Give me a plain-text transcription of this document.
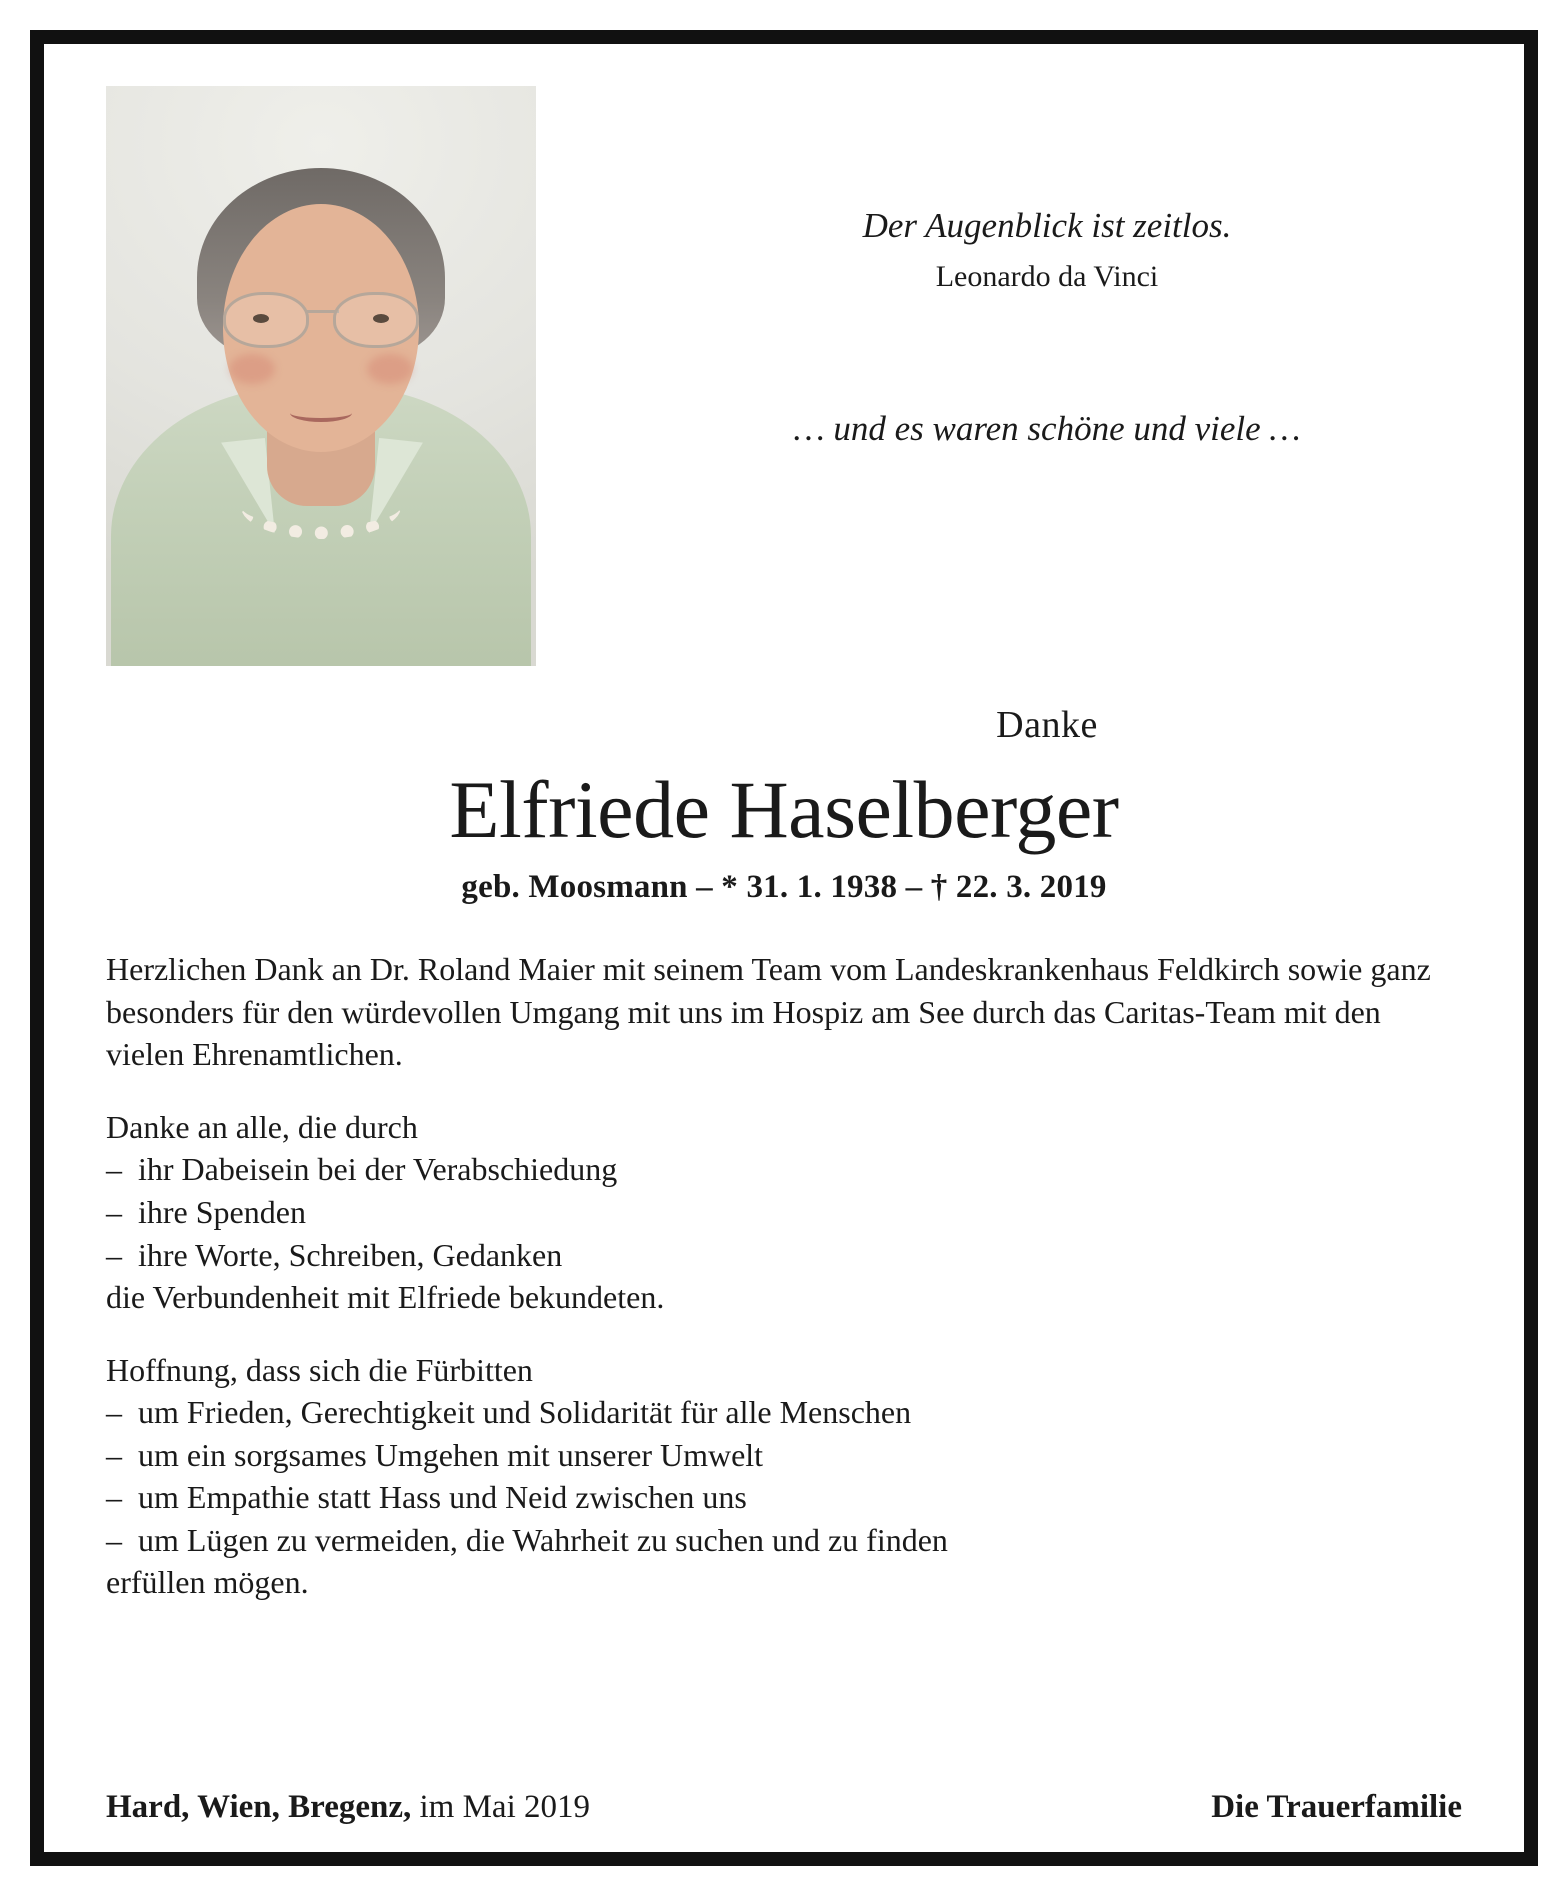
Der Augenblick ist zeitlos.
Leonardo da Vinci
… und es waren schöne und viele …
Danke
Elfriede Haselberger
geb. Moosmann – * 31. 1. 1938 – † 22. 3. 2019
Herzlichen Dank an Dr. Roland Maier mit seinem Team vom Landeskrankenhaus Feldkirch sowie ganz besonders für den würdevollen Umgang mit uns im Hospiz am See durch das Caritas-Team mit den vielen Ehrenamtlichen.
Danke an alle, die durch
–  ihr Dabeisein bei der Verabschiedung
–  ihre Spenden
–  ihre Worte, Schreiben, Gedanken
die Verbundenheit mit Elfriede bekundeten.
Hoffnung, dass sich die Fürbitten
–  um Frieden, Gerechtigkeit und Solidarität für alle Menschen
–  um ein sorgsames Umgehen mit unserer Umwelt
–  um Empathie statt Hass und Neid zwischen uns
–  um Lügen zu vermeiden, die Wahrheit zu suchen und zu finden
erfüllen mögen.
Hard, Wien, Bregenz, im Mai 2019	Die Trauerfamilie
